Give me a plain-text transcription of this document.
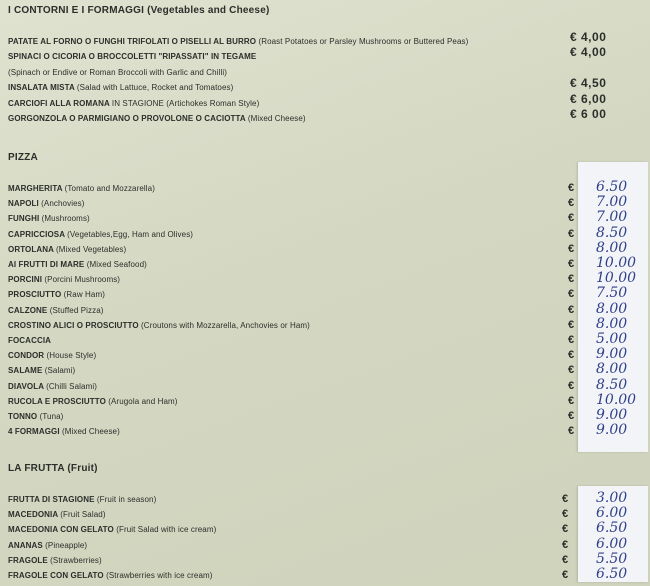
I CONTORNI E I FORMAGGI (Vegetables and Cheese)
PATATE AL FORNO O FUNGHI TRIFOLATI O PISELLI AL BURRO (Roast Potatoes or Parsley Mushrooms or Buttered Peas)	€ 4,00
SPINACI O CICORIA O BROCCOLETTI "RIPASSATI" IN TEGAME	€ 4,00
(Spinach or Endive or Roman Broccoli with Garlic and Chilli)
INSALATA MISTA (Salad with Lattuce, Rocket and Tomatoes)	€ 4,50
CARCIOFI ALLA ROMANA IN STAGIONE (Artichokes Roman Style)	€ 6,00
GORGONZOLA O PARMIGIANO O PROVOLONE O CACIOTTA (Mixed Cheese)	€ 6 00
PIZZA
MARGHERITA (Tomato and Mozzarella)	€ 6.50
NAPOLI (Anchovies)	€ 7.00
FUNGHI (Mushrooms)	€ 7.00
CAPRICCIOSA (Vegetables,Egg, Ham and Olives)	€ 8.50
ORTOLANA (Mixed Vegetables)	€ 8.00
AI FRUTTI DI MARE (Mixed Seafood)	€ 10.00
PORCINI (Porcini Mushrooms)	€ 10.00
PROSCIUTTO (Raw Ham)	€ 7.50
CALZONE (Stuffed Pizza)	€ 8.00
CROSTINO ALICI O PROSCIUTTO (Croutons with Mozzarella, Anchovies or Ham)	€ 8.00
FOCACCIA	€ 5.00
CONDOR (House Style)	€ 9.00
SALAME (Salami)	€ 8.00
DIAVOLA (Chilli Salami)	€ 8.50
RUCOLA E PROSCIUTTO (Arugola and Ham)	€ 10.00
TONNO (Tuna)	€ 9.00
4 FORMAGGI (Mixed Cheese)	€ 9.00
LA FRUTTA (Fruit)
FRUTTA DI STAGIONE (Fruit in season)	€ 3.00
MACEDONIA (Fruit Salad)	€ 6.00
MACEDONIA CON GELATO (Fruit Salad with ice cream)	€ 6.50
ANANAS (Pineapple)	€ 6.00
FRAGOLE (Strawberries)	€ 5.50
FRAGOLE CON GELATO (Strawberries with ice cream)	€ 6.50
